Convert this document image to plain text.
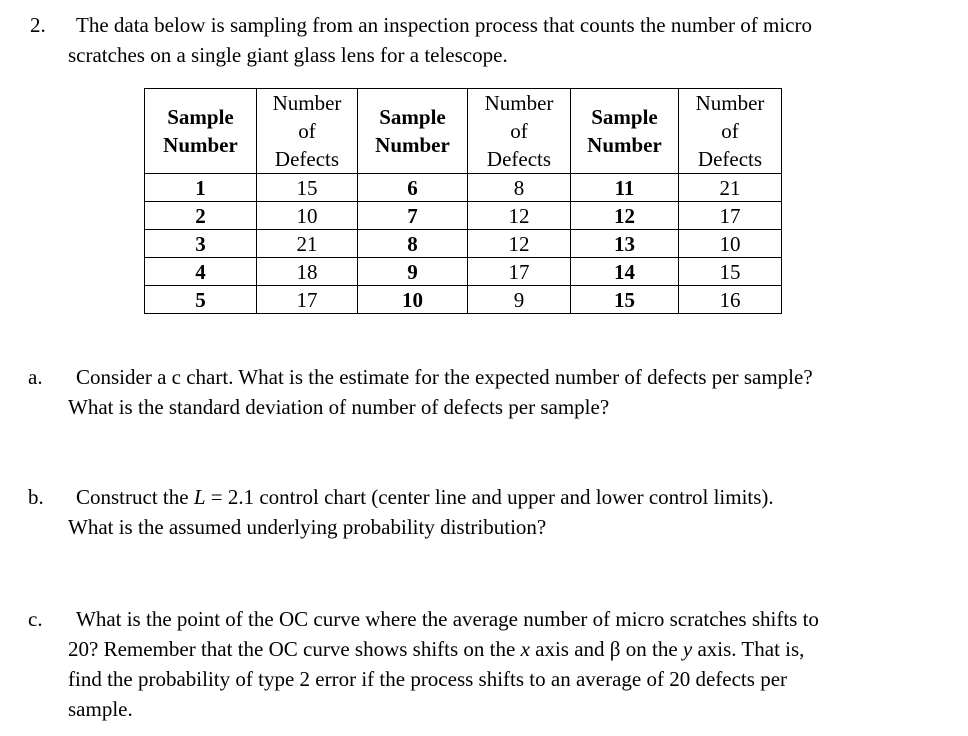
2.	The data below is sampling from an inspection process that counts the number of micro
scratches on a single giant glass lens for a telescope.

Sample
Number	Number
of
Defects	Sample
Number	Number
of
Defects	Sample
Number	Number
of
Defects
1	15	6	8	11	21
2	10	7	12	12	17
3	21	8	12	13	10
4	18	9	17	14	15
5	17	10	9	15	16
a.	Consider a c chart. What is the estimate for the expected number of defects per sample?
What is the standard deviation of number of defects per sample?
b.	Construct the L = 2.1 control chart (center line and upper and lower control limits).
What is the assumed underlying probability distribution?
c.	What is the point of the OC curve where the average number of micro scratches shifts to
20? Remember that the OC curve shows shifts on the x axis and β on the y axis. That is,
find the probability of type 2 error if the process shifts to an average of 20 defects per
sample.
